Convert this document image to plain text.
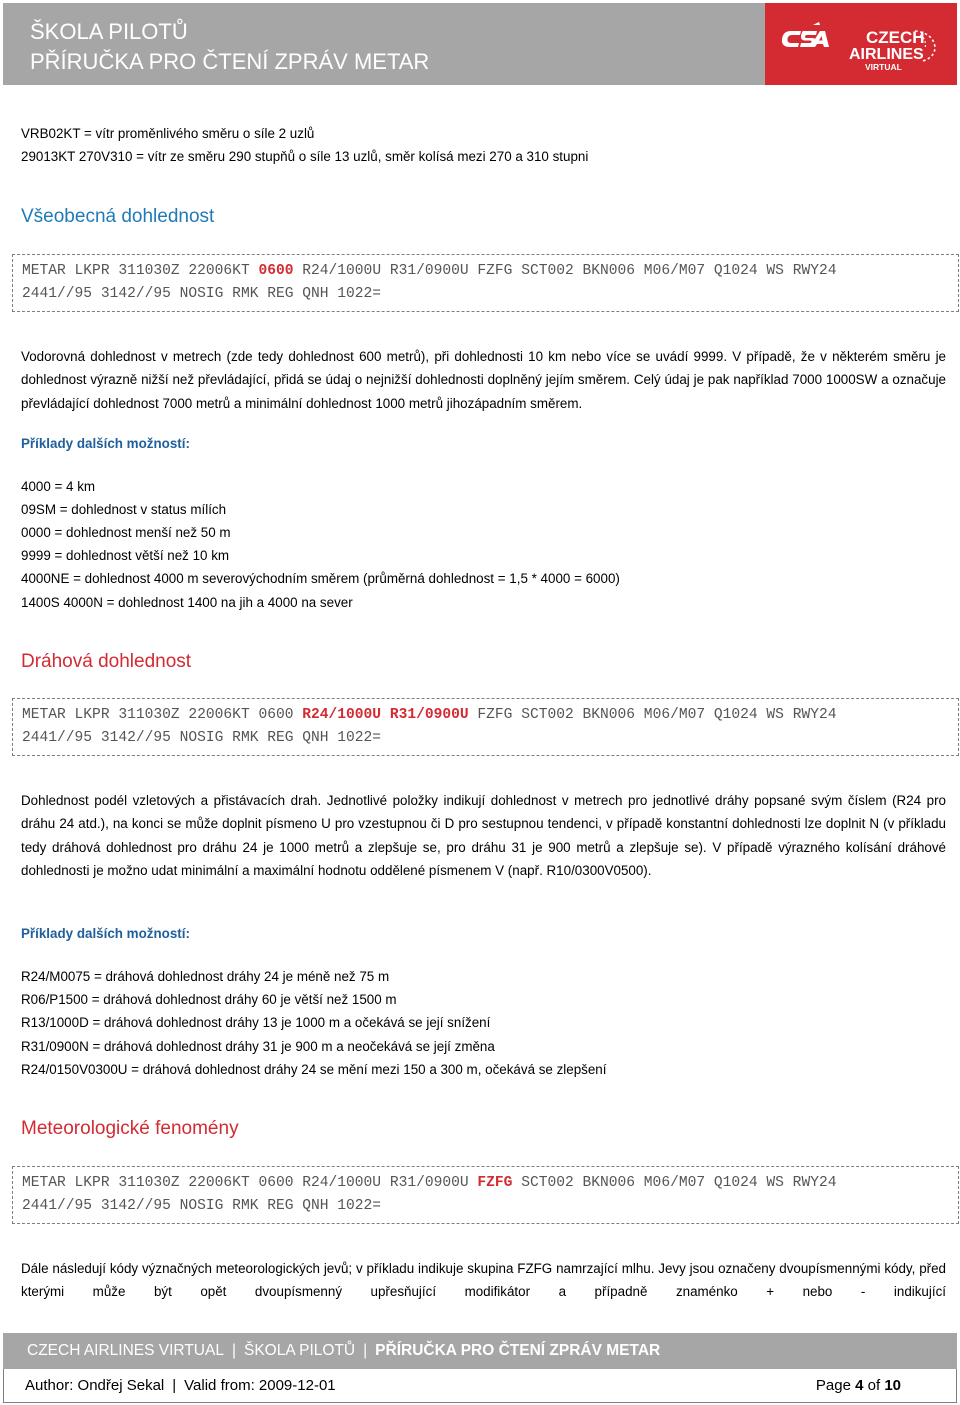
ŠKOLA PILOTŮ
PŘÍRUČKA PRO ČTENÍ ZPRÁV METAR
CZECH
AIRLINES
VIRTUAL
VRB02KT = vítr proměnlivého směru o síle 2 uzlů
29013KT 270V310 = vítr ze směru 290 stupňů o síle 13 uzlů, směr kolísá mezi 270 a 310 stupni
Všeobecná dohlednost
METAR LKPR 311030Z 22006KT 0600 R24/1000U R31/0900U FZFG SCT002 BKN006 M06/M07 Q1024 WS RWY24
2441//95 3142//95 NOSIG RMK REG QNH 1022=
Vodorovná dohlednost v metrech (zde tedy dohlednost 600 metrů), při dohlednosti 10 km nebo více se uvádí 9999. V případě, že v některém směru je dohlednost výrazně nižší než převládající, přidá se údaj o nejnižší dohlednosti doplněný jejím směrem. Celý údaj je pak například 7000 1000SW a označuje převládající dohlednost 7000 metrů a minimální dohlednost 1000 metrů jihozápadním směrem.
Příklady dalších možností:
4000 = 4 km
09SM = dohlednost v status mílích
0000 = dohlednost menší než 50 m
9999 = dohlednost větší než 10 km
4000NE = dohlednost 4000 m severovýchodním směrem (průměrná dohlednost = 1,5 * 4000 = 6000)
1400S 4000N = dohlednost 1400 na jih a 4000 na sever
Dráhová dohlednost
METAR LKPR 311030Z 22006KT 0600 R24/1000U R31/0900U FZFG SCT002 BKN006 M06/M07 Q1024 WS RWY24
2441//95 3142//95 NOSIG RMK REG QNH 1022=
Dohlednost podél vzletových a přistávacích drah. Jednotlivé položky indikují dohlednost v metrech pro jednotlivé dráhy popsané svým číslem (R24 pro dráhu 24 atd.), na konci se může doplnit písmeno U pro vzestupnou či D pro sestupnou tendenci, v případě konstantní dohlednosti lze doplnit N (v příkladu tedy dráhová dohlednost pro dráhu 24 je 1000 metrů a zlepšuje se, pro dráhu 31 je 900 metrů a zlepšuje se). V případě výrazného kolísání dráhové dohlednosti je možno udat minimální a maximální hodnotu oddělené písmenem V (např. R10/0300V0500).
Příklady dalších možností:
R24/M0075 = dráhová dohlednost dráhy 24 je méně než 75 m
R06/P1500 = dráhová dohlednost dráhy 60 je větší než 1500 m
R13/1000D = dráhová dohlednost dráhy 13 je 1000 m a očekává se její snížení
R31/0900N = dráhová dohlednost dráhy 31 je 900 m a neočekává se její změna
R24/0150V0300U = dráhová dohlednost dráhy 24 se mění mezi 150 a 300 m, očekává se zlepšení
Meteorologické fenomény
METAR LKPR 311030Z 22006KT 0600 R24/1000U R31/0900U FZFG SCT002 BKN006 M06/M07 Q1024 WS RWY24
2441//95 3142//95 NOSIG RMK REG QNH 1022=
Dále následují kódy význačných meteorologických jevů; v příkladu indikuje skupina FZFG namrzající mlhu. Jevy jsou označeny dvoupísmennými kódy, před kterými může být opět dvoupísmenný upřesňující modifikátor a případně znaménko + nebo - indikující
CZECH AIRLINES VIRTUAL | ŠKOLA PILOTŮ | PŘÍRUČKA PRO ČTENÍ ZPRÁV METAR
Author: Ondřej Sekal | Valid from: 2009-12-01	Page 4 of 10
